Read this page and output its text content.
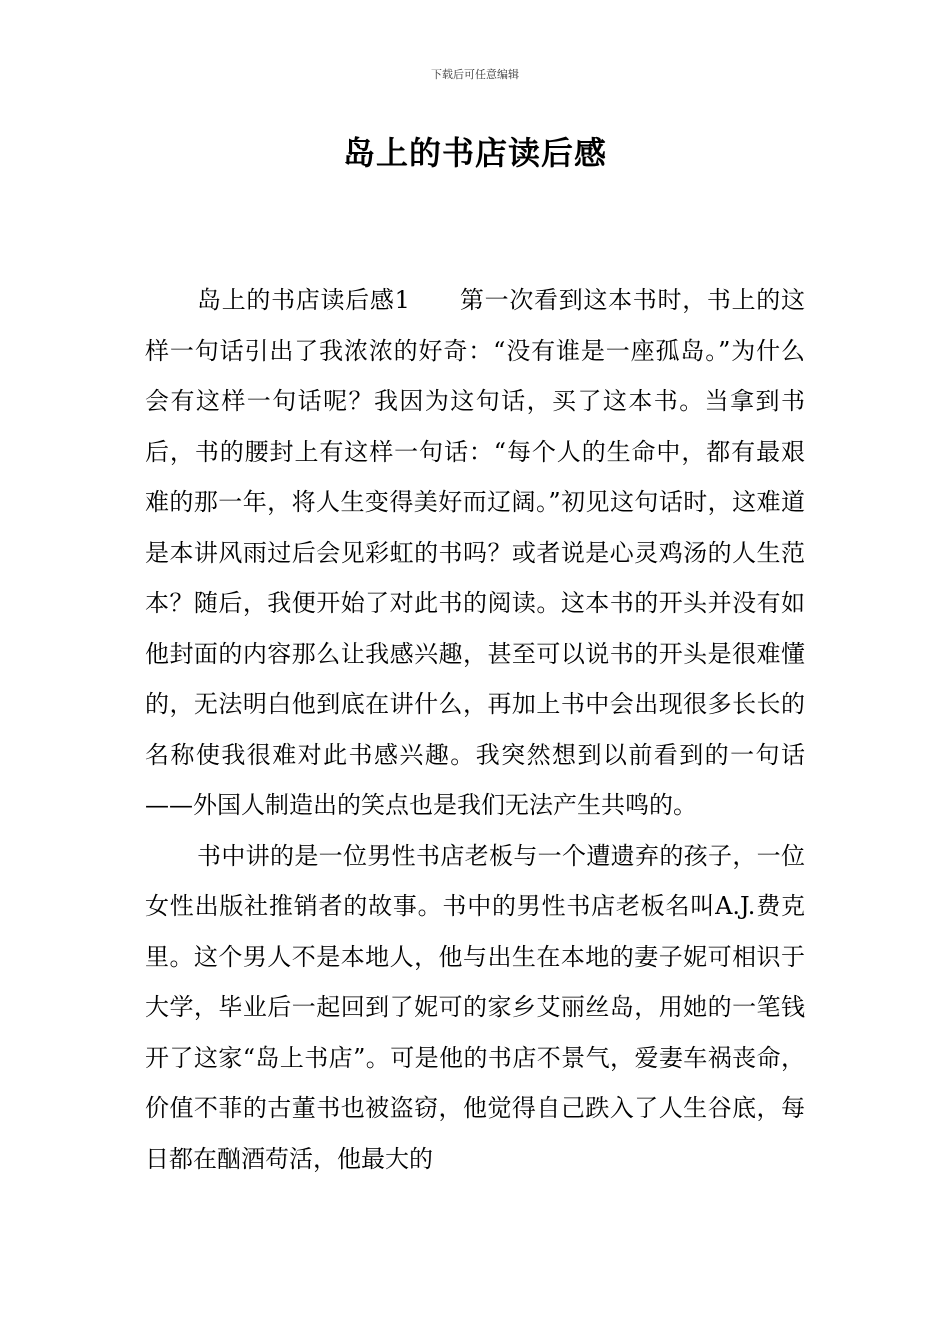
下载后可任意编辑
岛上的书店读后感

岛上的书店读后感1　　第一次看到这本书时，书上的这样一句话引出了我浓浓的好奇：“没有谁是一座孤岛。”为什么会有这样一句话呢？我因为这句话，买了这本书。当拿到书后，书的腰封上有这样一句话：“每个人的生命中，都有最艰难的那一年，将人生变得美好而辽阔。”初见这句话时，这难道是本讲风雨过后会见彩虹的书吗？或者说是心灵鸡汤的人生范本？随后，我便开始了对此书的阅读。这本书的开头并没有如他封面的内容那么让我感兴趣，甚至可以说书的开头是很难懂的，无法明白他到底在讲什么，再加上书中会出现很多长长的名称使我很难对此书感兴趣。我突然想到以前看到的一句话——外国人制造出的笑点也是我们无法产生共鸣的。

书中讲的是一位男性书店老板与一个遭遗弃的孩子，一位女性出版社推销者的故事。书中的男性书店老板名叫A.J.费克里。这个男人不是本地人，他与出生在本地的妻子妮可相识于大学，毕业后一起回到了妮可的家乡艾丽丝岛，用她的一笔钱开了这家“岛上书店”。可是他的书店不景气，爱妻车祸丧命，价值不菲的古董书也被盗窃，他觉得自己跌入了人生谷底，每日都在酗酒苟活，他最大的
